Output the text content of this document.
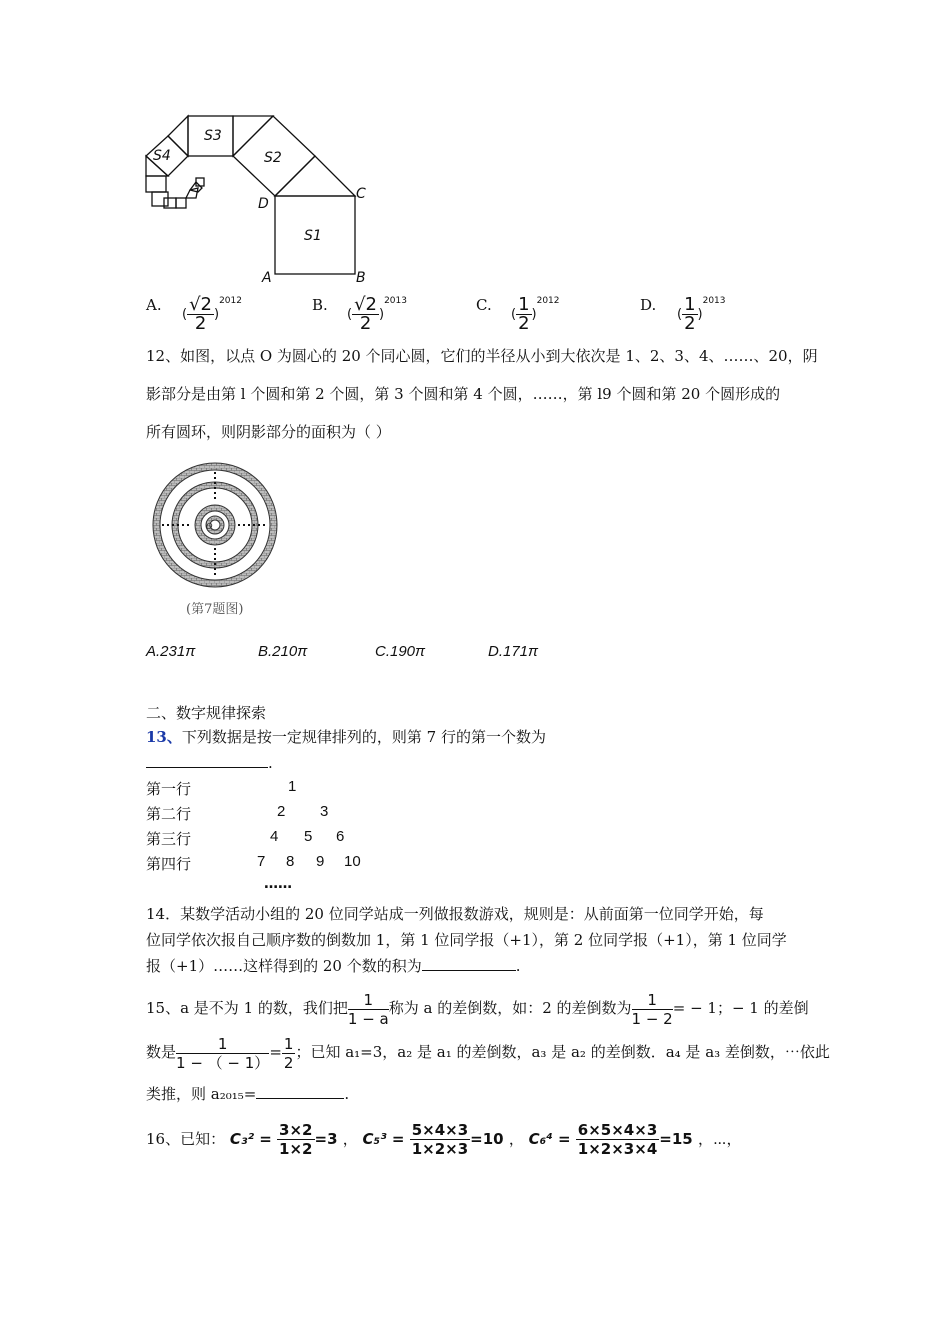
S3
S4	S2
C
D
S1
A	B
A.
( $\frac{√2}{2} )^{2012}$	B.
( $\frac{√2}{2} )^{2013}$	C.
( $\frac{1}{2} )^{2012}$	D.
( $\frac{1}{2} )^{2013}$
12、如图，以点 O 为圆心的 20 个同心圆，它们的半径从小到大依次是 1、2、3、4、……、20，阴
影部分是由第 l 个圆和第 2 个圆，第 3 个圆和第 4 个圆，……，第 l9 个圆和第 20 个圆形成的
所有圆环，则阴影部分的面积为（ ）
O
(第7题图)
A.231π	B.210π	C.190π	D.171π
二、数字规律探索
13、下列数据是按一定规律排列的，则第 7 行的第一个数为
.
第一行	1
第二行	2 3
第三行	4 5 6
第四行	7 8 9 10
……
14．某数学活动小组的 20 位同学站成一列做报数游戏，规则是：从前面第一位同学开始，每
位同学依次报自己顺序数的倒数加 1，第 1 位同学报（+1），第 2 位同学报（+1），第 1 位同学
报（+1）……这样得到的 20 个数的积为	.
15、a 是不为 1 的数，我们把 $\frac{1}{1 - a}$ 称为 a 的差倒数，如：2 的差倒数为 $\frac{1}{1 - 2}$ = − 1；− 1 的差倒
数是 $\frac{1}{1 - ( - 1)} = \frac{1}{2}$ ；已知 a₁=3，a₂ 是 a₁ 的差倒数，a₃ 是 a₂ 的差倒数．a₄ 是 a₃ 差倒数，⋯依此
类推，则 a₂₀₁₅=	.
16、已知： $C_3^2 = \frac{3\times 2}{1\times 2} =3$ ， $C_5^3 = \frac{5\times 4\times 3}{1\times 2\times 3} =10$ ， $C_6^4 = \frac{6\times 5\times 4\times 3}{1\times 2\times 3\times 4} =15$ ，⋯，
